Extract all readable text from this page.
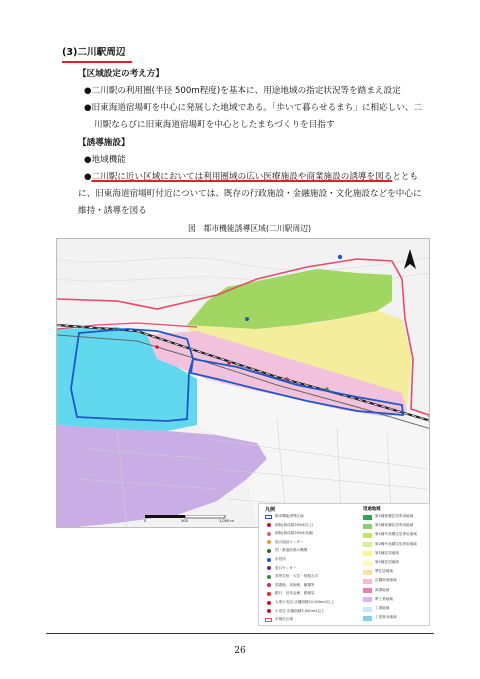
(3)二川駅周辺
【区域設定の考え方】
●二川駅の利用圏(半径 500m程度)を基本に、用途地域の指定状況等を踏まえ設定
●旧東海道宿場町を中心に発展した地域である。「歩いて暮らせるまち」に相応しい、二
川駅ならびに旧東海道宿場町を中心としたまちづくりを目指す
【誘導施設】
●地域機能
●二川駅に近い区域においては利用圏域の広い医療施設や商業施設の誘導を図るととも
に、旧東海道宿場町付近については、既存の行政施設・金融施設・文化施設などを中心に
維持・誘導を図る
図　都市機能誘導区域(二川駅周辺)
0	500	1,000 m
凡例
都市機能誘導区域
病院(病床数200床以上)
病院(病床数200床未満)
総合福祉センター
国・都道府県の機関
市役所
窓口センター
高等学校・大学・短期大学
図書館、美術館、劇場等
銀行、信用金庫、郵便局
大型小売店 店舗面積10,000m2以上
小売店 店舗面積3,000m2以上
市街化区域
用途地域
第1種低層住居専用地域
第2種低層住居専用地域
第1種中高層住居専用地域
第2種中高層住居専用地域
第1種住居地域
第2種住居地域
準住居地域
近隣商業地域
商業地域
準工業地域
工業地域
工業専用地域
26
